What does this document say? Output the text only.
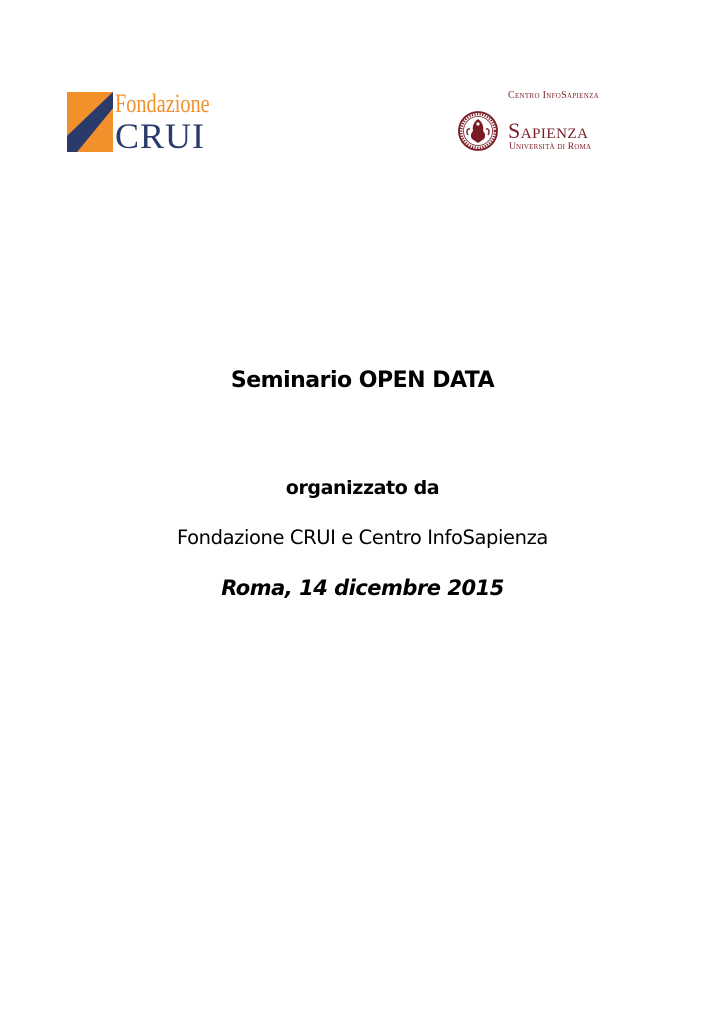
Fondazione
CRUI
Centro InfoSapienza
Sapienza
Università di Roma
Seminario OPEN DATA
organizzato da
Fondazione CRUI e Centro InfoSapienza
Roma, 14 dicembre 2015
